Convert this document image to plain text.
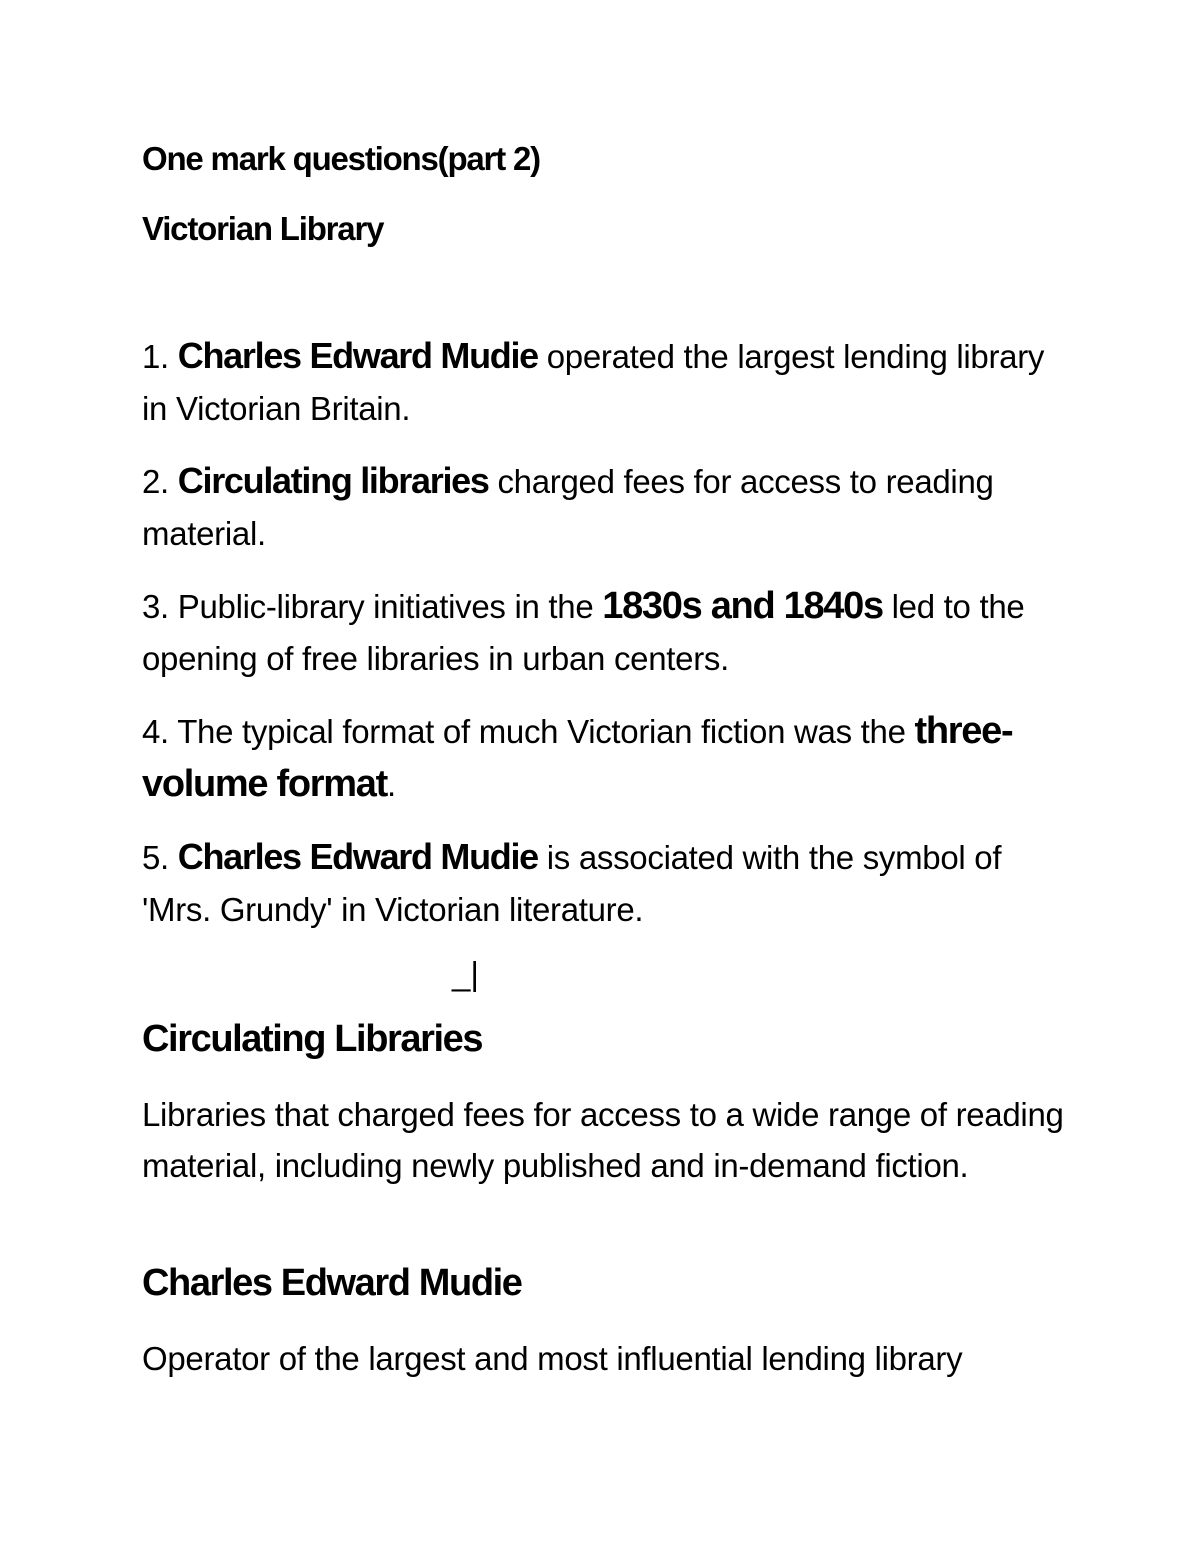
One mark questions(part 2)
Victorian Library

1. Charles Edward Mudie operated the largest lending library in Victorian Britain.

2. Circulating libraries charged fees for access to reading material.

3. Public-library initiatives in the 1830s and 1840s led to the opening of free libraries in urban centers.

4. The typical format of much Victorian fiction was the three-volume format.

5. Charles Edward Mudie is associated with the symbol of 'Mrs. Grundy' in Victorian literature.

_|
Circulating Libraries

Libraries that charged fees for access to a wide range of reading material, including newly published and in-demand fiction.

Charles Edward Mudie

Operator of the largest and most influential lending library
